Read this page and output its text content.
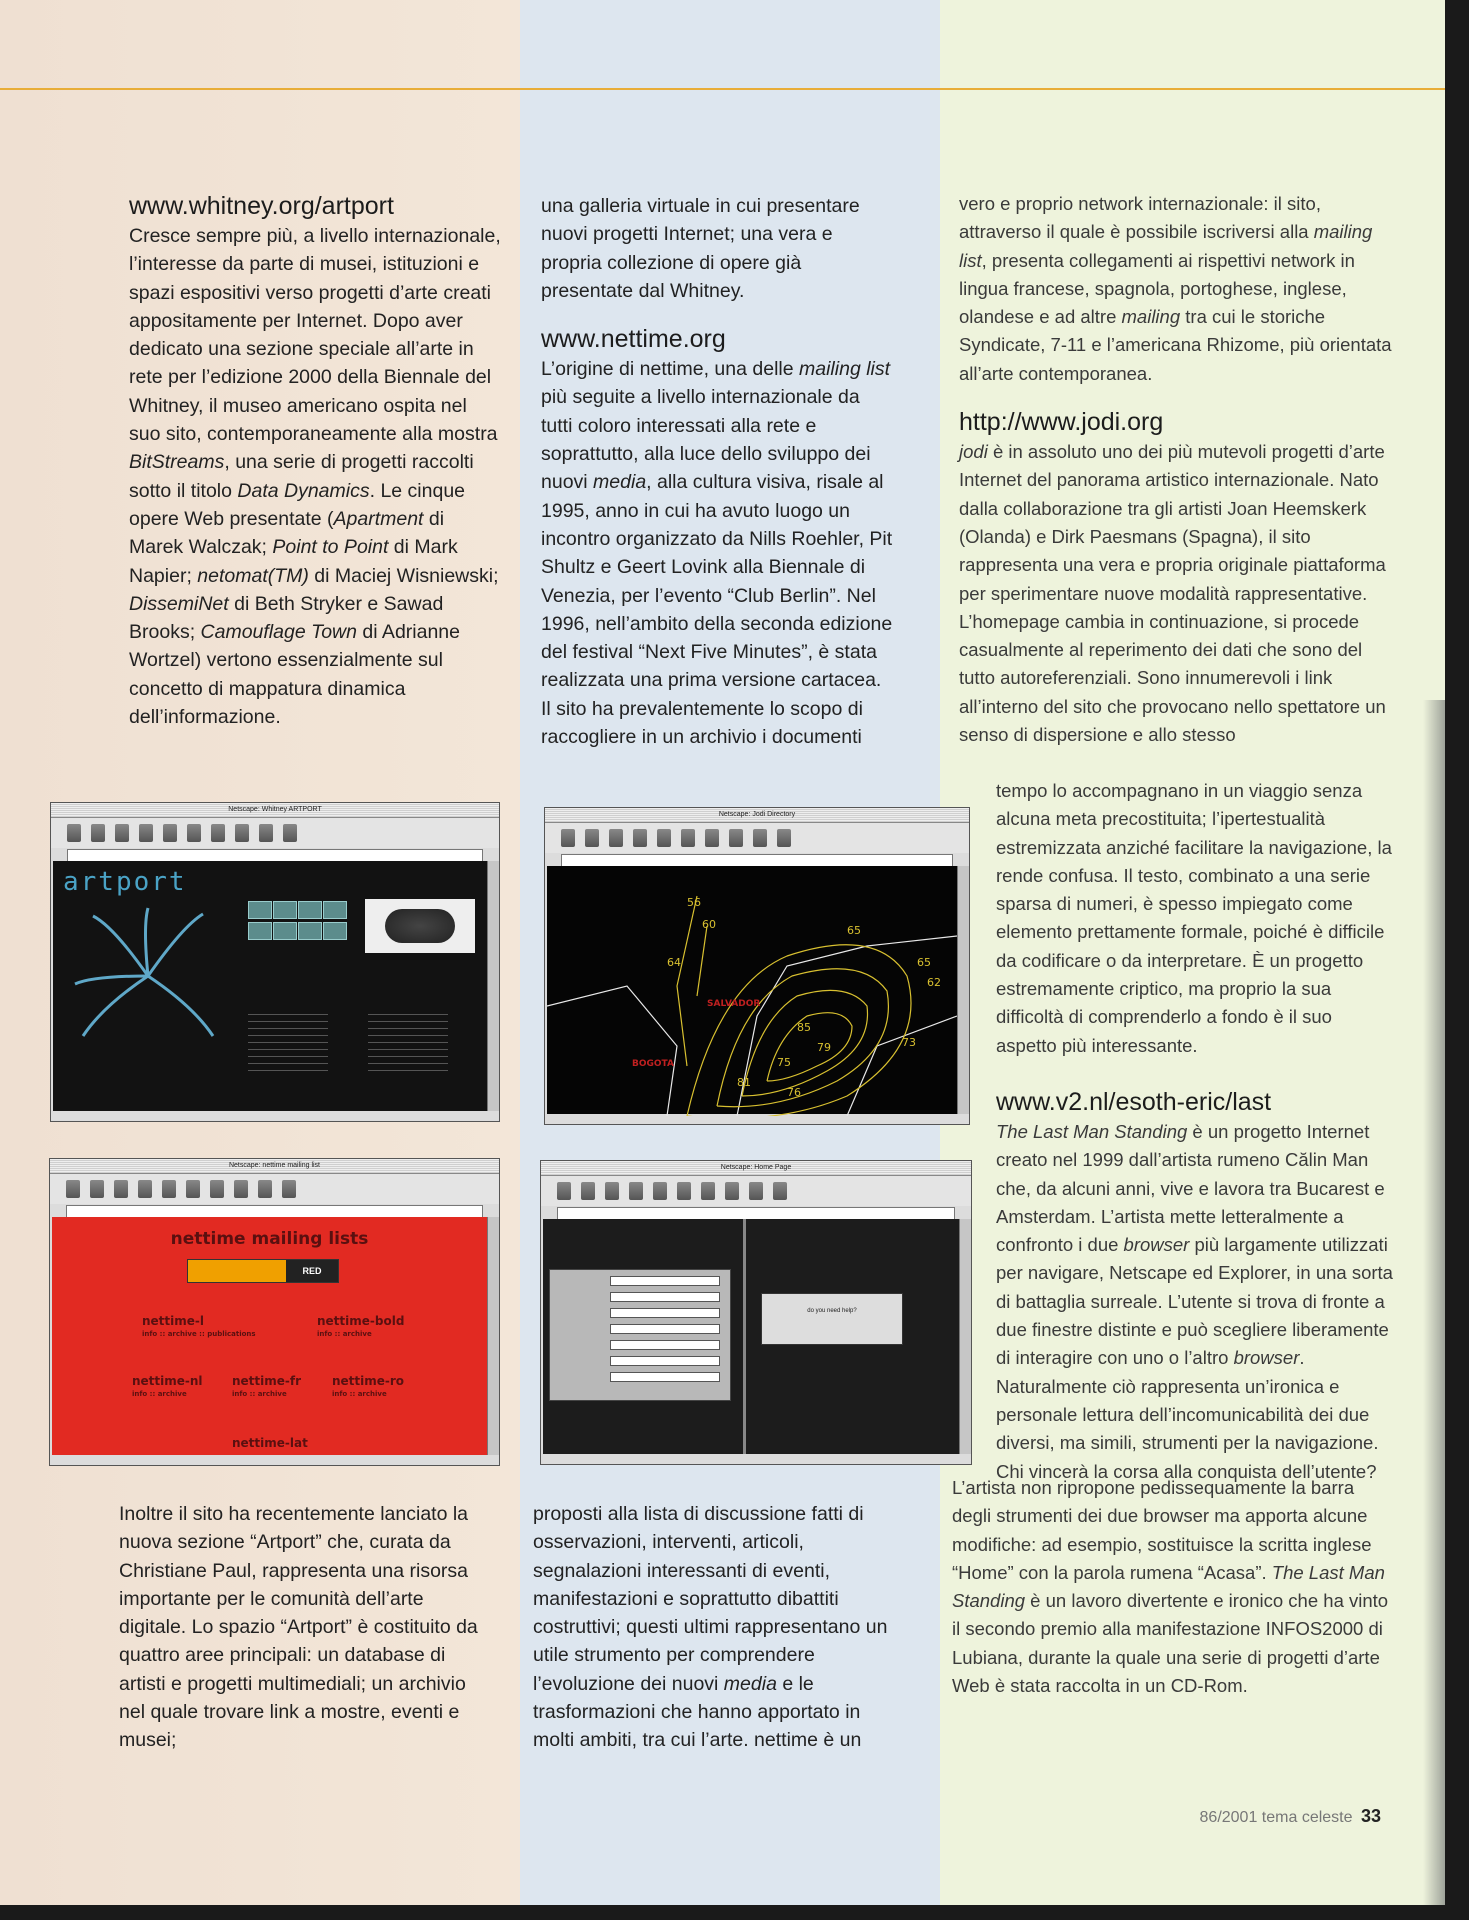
www.whitney.org/artport

Cresce sempre più, a livello internazionale, l’interesse da parte di musei, istituzioni e spazi espositivi verso progetti d’arte creati appositamente per Internet. Dopo aver dedicato una sezione speciale all’arte in rete per l’edizione 2000 della Biennale del Whitney, il museo americano ospita nel suo sito, contemporaneamente alla mostra BitStreams, una serie di progetti raccolti sotto il titolo Data Dynamics. Le cinque opere Web presentate (Apartment di Marek Walczak; Point to Point di Mark Napier; netomat(TM) di Maciej Wisniewski; DissemiNet di Beth Stryker e Sawad Brooks; Camouflage Town di Adrianne Wortzel) vertono essenzialmente sul concetto di mappatura dinamica dell’informazione.

una galleria virtuale in cui presentare nuovi progetti Internet; una vera e propria collezione di opere già presentate dal Whitney.

www.nettime.org

L’origine di nettime, una delle mailing list più seguite a livello internazionale da tutti coloro interessati alla rete e soprattutto, alla luce dello sviluppo dei nuovi media, alla cultura visiva, risale al 1995, anno in cui ha avuto luogo un incontro organizzato da Nills Roehler, Pit Shultz e Geert Lovink alla Biennale di Venezia, per l’evento “Club Berlin”. Nel 1996, nell’ambito della seconda edizione del festival “Next Five Minutes”, è stata realizzata una prima versione cartacea. Il sito ha prevalentemente lo scopo di raccogliere in un archivio i documenti

vero e proprio network internazionale: il sito, attraverso il quale è possibile iscriversi alla mailing list, presenta collegamenti ai rispettivi network in lingua francese, spagnola, portoghese, inglese, olandese e ad altre mailing tra cui le storiche Syndicate, 7-11 e l’americana Rhizome, più orientata all’arte contemporanea.

http://www.jodi.org

jodi è in assoluto uno dei più mutevoli progetti d’arte Internet del panorama artistico internazionale. Nato dalla collaborazione tra gli artisti Joan Heemskerk (Olanda) e Dirk Paesmans (Spagna), il sito rappresenta una vera e propria originale piattaforma per sperimentare nuove modalità rappresentative. L’homepage cambia in continuazione, si procede casualmente al reperimento dei dati che sono del tutto autoreferenziali. Sono innumerevoli i link all’interno del sito che provocano nello spettatore un senso di dispersione e allo stesso

tempo lo accompagnano in un viaggio senza alcuna meta precostituita; l’ipertestualità estremizzata anziché facilitare la navigazione, la rende confusa. Il testo, combinato a una serie sparsa di numeri, è spesso impiegato come elemento prettamente formale, poiché è difficile da codificare o da interpretare. È un progetto estremamente criptico, ma proprio la sua difficoltà di comprenderlo a fondo è il suo aspetto più interessante.

www.v2.nl/esoth-eric/last

The Last Man Standing è un progetto Internet creato nel 1999 dall’artista rumeno Călin Man che, da alcuni anni, vive e lavora tra Bucarest e Amsterdam. L’artista mette letteralmente a confronto i due browser più largamente utilizzati per navigare, Netscape ed Explorer, in una sorta di battaglia surreale. L’utente si trova di fronte a due finestre distinte e può scegliere liberamente di interagire con uno o l’altro browser. Naturalmente ciò rappresenta un’ironica e personale lettura dell’incomunicabilità dei due diversi, ma simili, strumenti per la navigazione. Chi vincerà la corsa alla conquista dell’utente?

L’artista non ripropone pedissequamente la barra degli strumenti dei due browser ma apporta alcune modifiche: ad esempio, sostituisce la scritta inglese “Home” con la parola rumena “Acasa”. The Last Man Standing è un lavoro divertente e ironico che ha vinto il secondo premio alla manifestazione INFOS2000 di Lubiana, durante la quale una serie di progetti d’arte Web è stata raccolta in un CD-Rom.

Inoltre il sito ha recentemente lanciato la nuova sezione “Artport” che, curata da Christiane Paul, rappresenta una risorsa importante per le comunità dell’arte digitale. Lo spazio “Artport” è costituito da quattro aree principali: un database di artisti e progetti multimediali; un archivio nel quale trovare link a mostre, eventi e musei;

proposti alla lista di discussione fatti di osservazioni, interventi, articoli, segnalazioni interessanti di eventi, manifestazioni e soprattutto dibattiti costruttivi; questi ultimi rappresentano un utile strumento per comprendere l’evoluzione dei nuovi media e le trasformazioni che hanno apportato in molti ambiti, tra cui l’arte. nettime è un

Netscape: Whitney ARTPORT
artport
Netscape: Jodi Directory
56
60
64
65
65
62
85
75
81
76
73
79
SALVADOR
BOGOTA
Netscape: nettime mailing list
nettime mailing lists
RED
nettime-l
info :: archive :: publications
nettime-bold
info :: archive
nettime-nl
info :: archive
nettime-fr
info :: archive
nettime-ro
info :: archive
nettime-lat
Netscape: Home Page
do you need help?
86/2001 tema celeste 33
